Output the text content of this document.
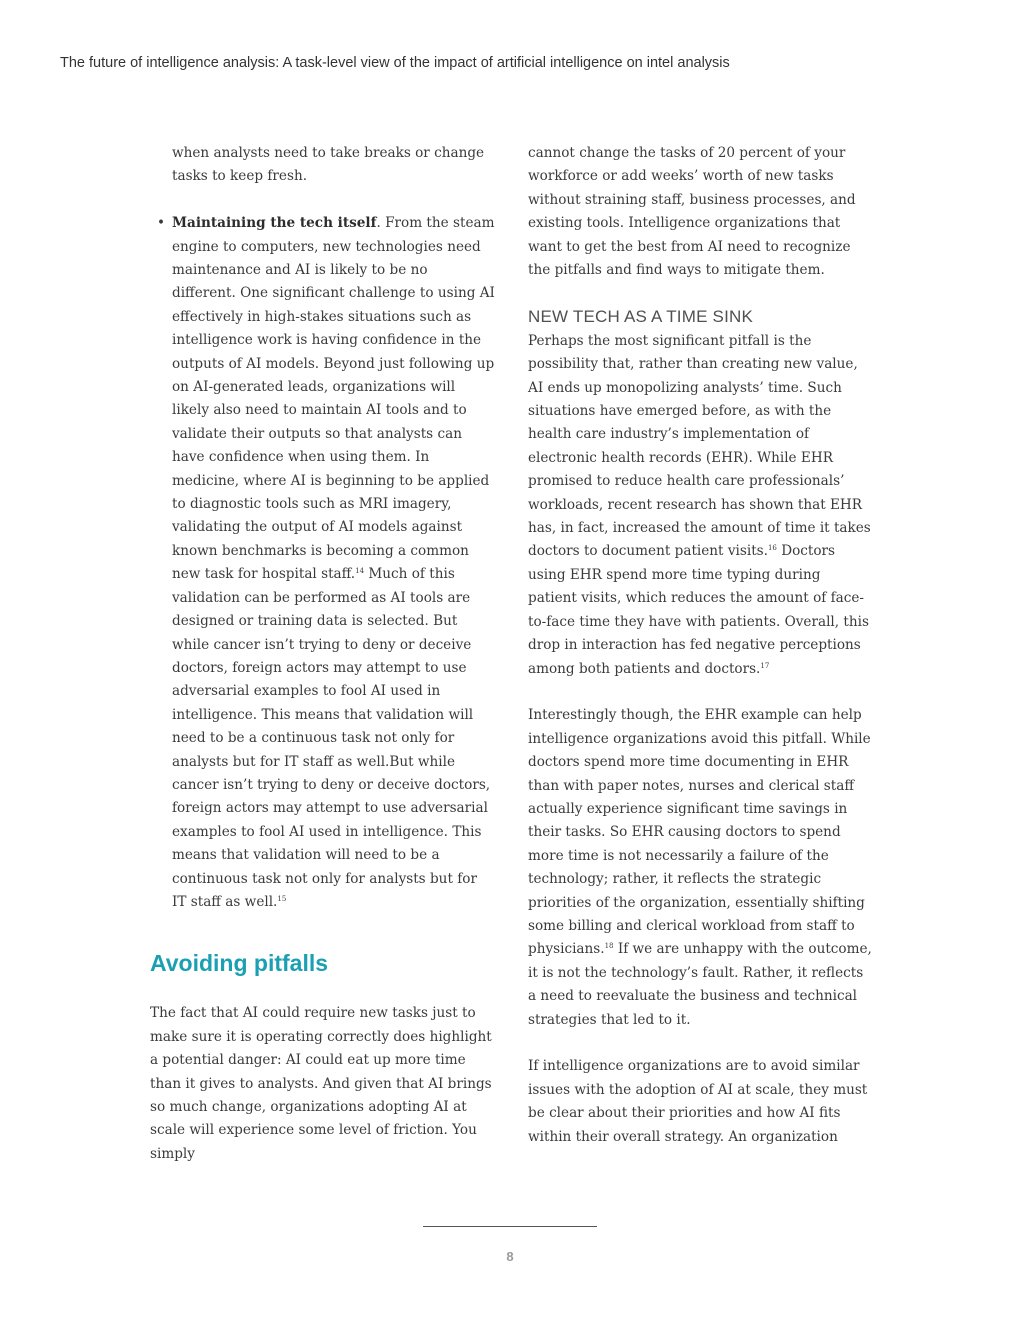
The future of intelligence analysis: A task-level view of the impact of artificial intelligence on intel analysis

when analysts need to take breaks or change tasks to keep fresh.

• Maintaining the tech itself. From the steam engine to computers, new technologies need maintenance and AI is likely to be no different. One significant challenge to using AI effectively in high-stakes situations such as intelligence work is having confidence in the outputs of AI models. Beyond just following up on AI-generated leads, organizations will likely also need to maintain AI tools and to validate their outputs so that analysts can have confidence when using them. In medicine, where AI is beginning to be applied to diagnostic tools such as MRI imagery, validating the output of AI models against known benchmarks is becoming a common new task for hospital staff.$^{14}$ Much of this validation can be performed as AI tools are designed or training data is selected. But while cancer isn’t trying to deny or deceive doctors, foreign actors may attempt to use adversarial examples to fool AI used in intelligence. This means that validation will need to be a continuous task not only for analysts but for IT staff as well.But while cancer isn’t trying to deny or deceive doctors, foreign actors may attempt to use adversarial examples to fool AI used in intelligence. This means that validation will need to be a continuous task not only for analysts but for IT staff as well.$^{15}$
Avoiding pitfalls

The fact that AI could require new tasks just to make sure it is operating correctly does highlight a potential danger: AI could eat up more time than it gives to analysts. And given that AI brings so much change, organizations adopting AI at scale will experience some level of friction. You simply

cannot change the tasks of 20 percent of your workforce or add weeks’ worth of new tasks without straining staff, business processes, and existing tools. Intelligence organizations that want to get the best from AI need to recognize the pitfalls and find ways to mitigate them.

NEW TECH AS A TIME SINK

Perhaps the most significant pitfall is the possibility that, rather than creating new value, AI ends up monopolizing analysts’ time. Such situations have emerged before, as with the health care industry’s implementation of electronic health records (EHR). While EHR promised to reduce health care professionals’ workloads, recent research has shown that EHR has, in fact, increased the amount of time it takes doctors to document patient visits.$^{16}$ Doctors using EHR spend more time typing during patient visits, which reduces the amount of face-to-face time they have with patients. Overall, this drop in interaction has fed negative perceptions among both patients and doctors.$^{17}$

Interestingly though, the EHR example can help intelligence organizations avoid this pitfall. While doctors spend more time documenting in EHR than with paper notes, nurses and clerical staff actually experience significant time savings in their tasks. So EHR causing doctors to spend more time is not necessarily a failure of the technology; rather, it reflects the strategic priorities of the organization, essentially shifting some billing and clerical workload from staff to physicians.$^{18}$ If we are unhappy with the outcome, it is not the technology’s fault. Rather, it reflects a need to reevaluate the business and technical strategies that led to it.

If intelligence organizations are to avoid similar issues with the adoption of AI at scale, they must be clear about their priorities and how AI fits within their overall strategy. An organization

8
